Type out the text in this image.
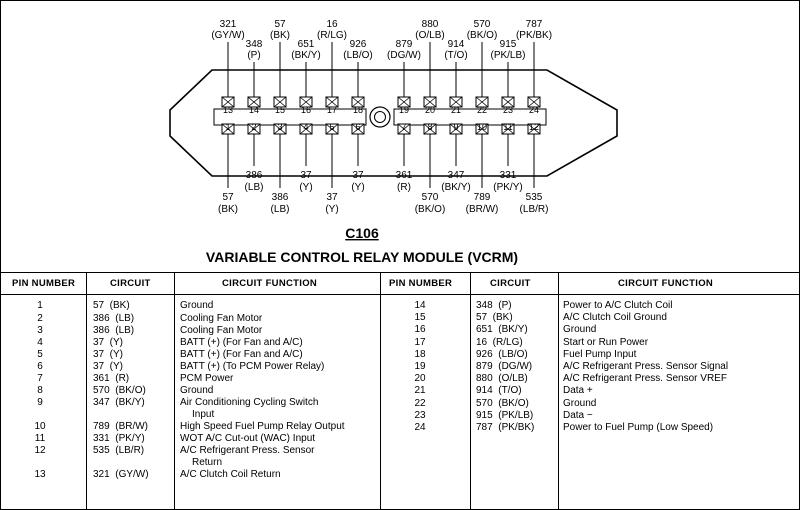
1
57
(BK)
2
386
(LB)
3
386
(LB)
4
37
(Y)
5
37
(Y)
6
37
(Y)
7
361
(R)
8
570
(BK/O)
9
347
(BK/Y)
10
789
(BR/W)
11
331
(PK/Y)
12
535
(LB/R)
13
321
(GY/W)
14
348
(P)
15
57
(BK)
16
651
(BK/Y)
17
16
(R/LG)
18
926
(LB/O)
19
879
(DG/W)
20
880
(O/LB)
21
914
(T/O)
22
570
(BK/O)
23
915
(PK/LB)
24
787
(PK/BK)
C106
VARIABLE CONTROL RELAY MODULE (VCRM)
PIN NUMBER	CIRCUIT	CIRCUIT FUNCTION	PIN NUMBER	CIRCUIT	CIRCUIT FUNCTION
1	57  (BK)	Ground
2	386  (LB)	Cooling Fan Motor
3	386  (LB)	Cooling Fan Motor
4	37  (Y)	BATT (+) (For Fan and A/C)
5	37  (Y)	BATT (+) (For Fan and A/C)
6	37  (Y)	BATT (+) (To PCM Power Relay)
7	361  (R)	PCM Power
8	570  (BK/O)	Ground
9	347  (BK/Y)	Air Conditioning Cycling Switch
Input
10	789  (BR/W)	High Speed Fuel Pump Relay Output
11	331  (PK/Y)	WOT A/C Cut-out (WAC) Input
12	535  (LB/R)	A/C Refrigerant Press. Sensor
Return
13	321  (GY/W)	A/C Clutch Coil Return
14	348  (P)	Power to A/C Clutch Coil
15	57  (BK)	A/C Clutch Coil Ground
16	651  (BK/Y)	Ground
17	16  (R/LG)	Start or Run Power
18	926  (LB/O)	Fuel Pump Input
19	879  (DG/W)	A/C Refrigerant Press. Sensor Signal
20	880  (O/LB)	A/C Refrigerant Press. Sensor VREF
21	914  (T/O)	Data +
22	570  (BK/O)	Ground
23	915  (PK/LB)	Data −
24	787  (PK/BK)	Power to Fuel Pump (Low Speed)
